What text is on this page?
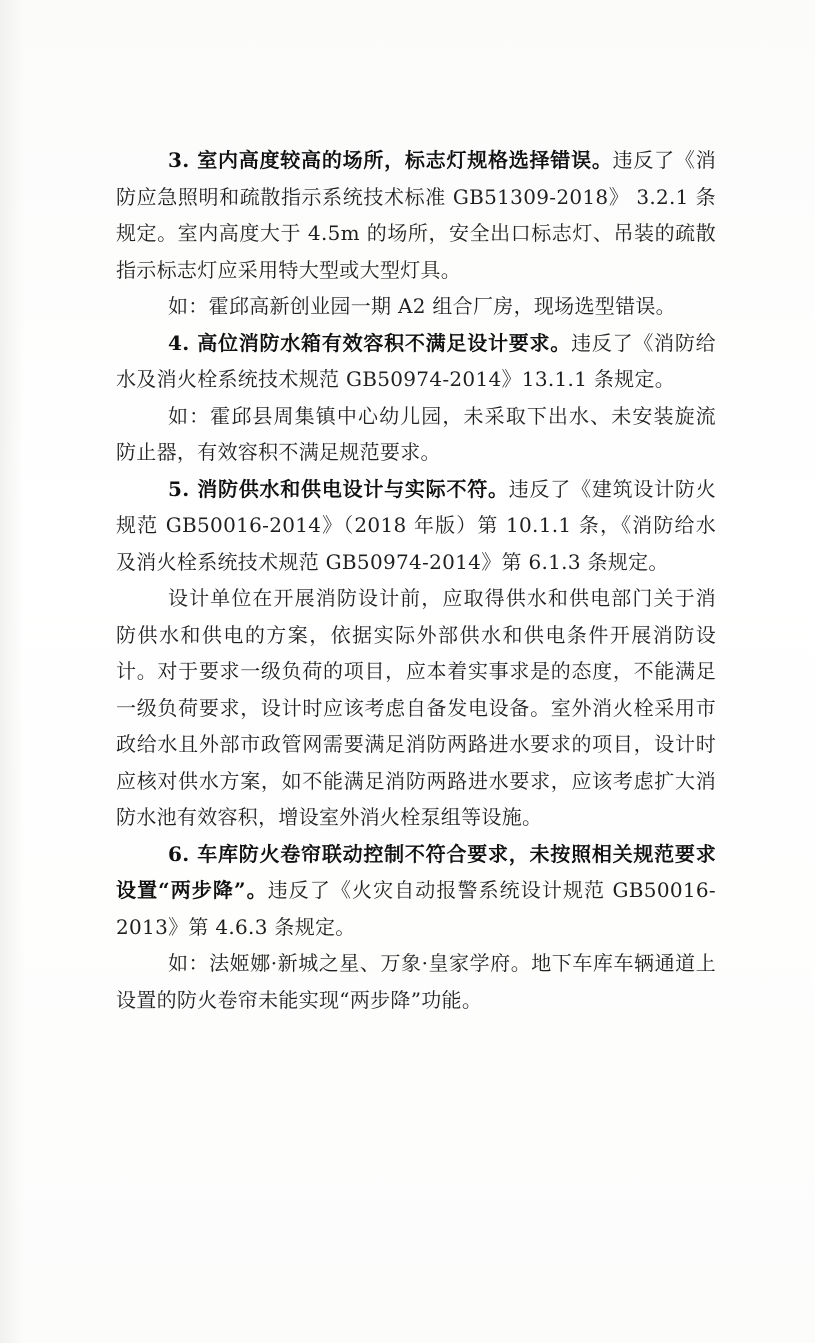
3. 室内高度较高的场所，标志灯规格选择错误。违反了《消防应急照明和疏散指示系统技术标准 GB51309-2018》 3.2.1 条规定。室内高度大于 4.5m 的场所，安全出口标志灯、吊装的疏散指示标志灯应采用特大型或大型灯具。

如：霍邱高新创业园一期 A2 组合厂房，现场选型错误。

4. 高位消防水箱有效容积不满足设计要求。违反了《消防给水及消火栓系统技术规范 GB50974-2014》13.1.1 条规定。

如：霍邱县周集镇中心幼儿园，未采取下出水、未安装旋流防止器，有效容积不满足规范要求。

5. 消防供水和供电设计与实际不符。违反了《建筑设计防火规范 GB50016-2014》（2018 年版）第 10.1.1 条，《消防给水及消火栓系统技术规范 GB50974-2014》第 6.1.3 条规定。

设计单位在开展消防设计前，应取得供水和供电部门关于消防供水和供电的方案，依据实际外部供水和供电条件开展消防设计。对于要求一级负荷的项目，应本着实事求是的态度，不能满足一级负荷要求，设计时应该考虑自备发电设备。室外消火栓采用市政给水且外部市政管网需要满足消防两路进水要求的项目，设计时应核对供水方案，如不能满足消防两路进水要求，应该考虑扩大消防水池有效容积，增设室外消火栓泵组等设施。

6. 车库防火卷帘联动控制不符合要求，未按照相关规范要求设置“两步降”。违反了《火灾自动报警系统设计规范 GB50016-2013》第 4.6.3 条规定。

如：法姬娜·新城之星、万象·皇家学府。地下车库车辆通道上设置的防火卷帘未能实现“两步降”功能。
